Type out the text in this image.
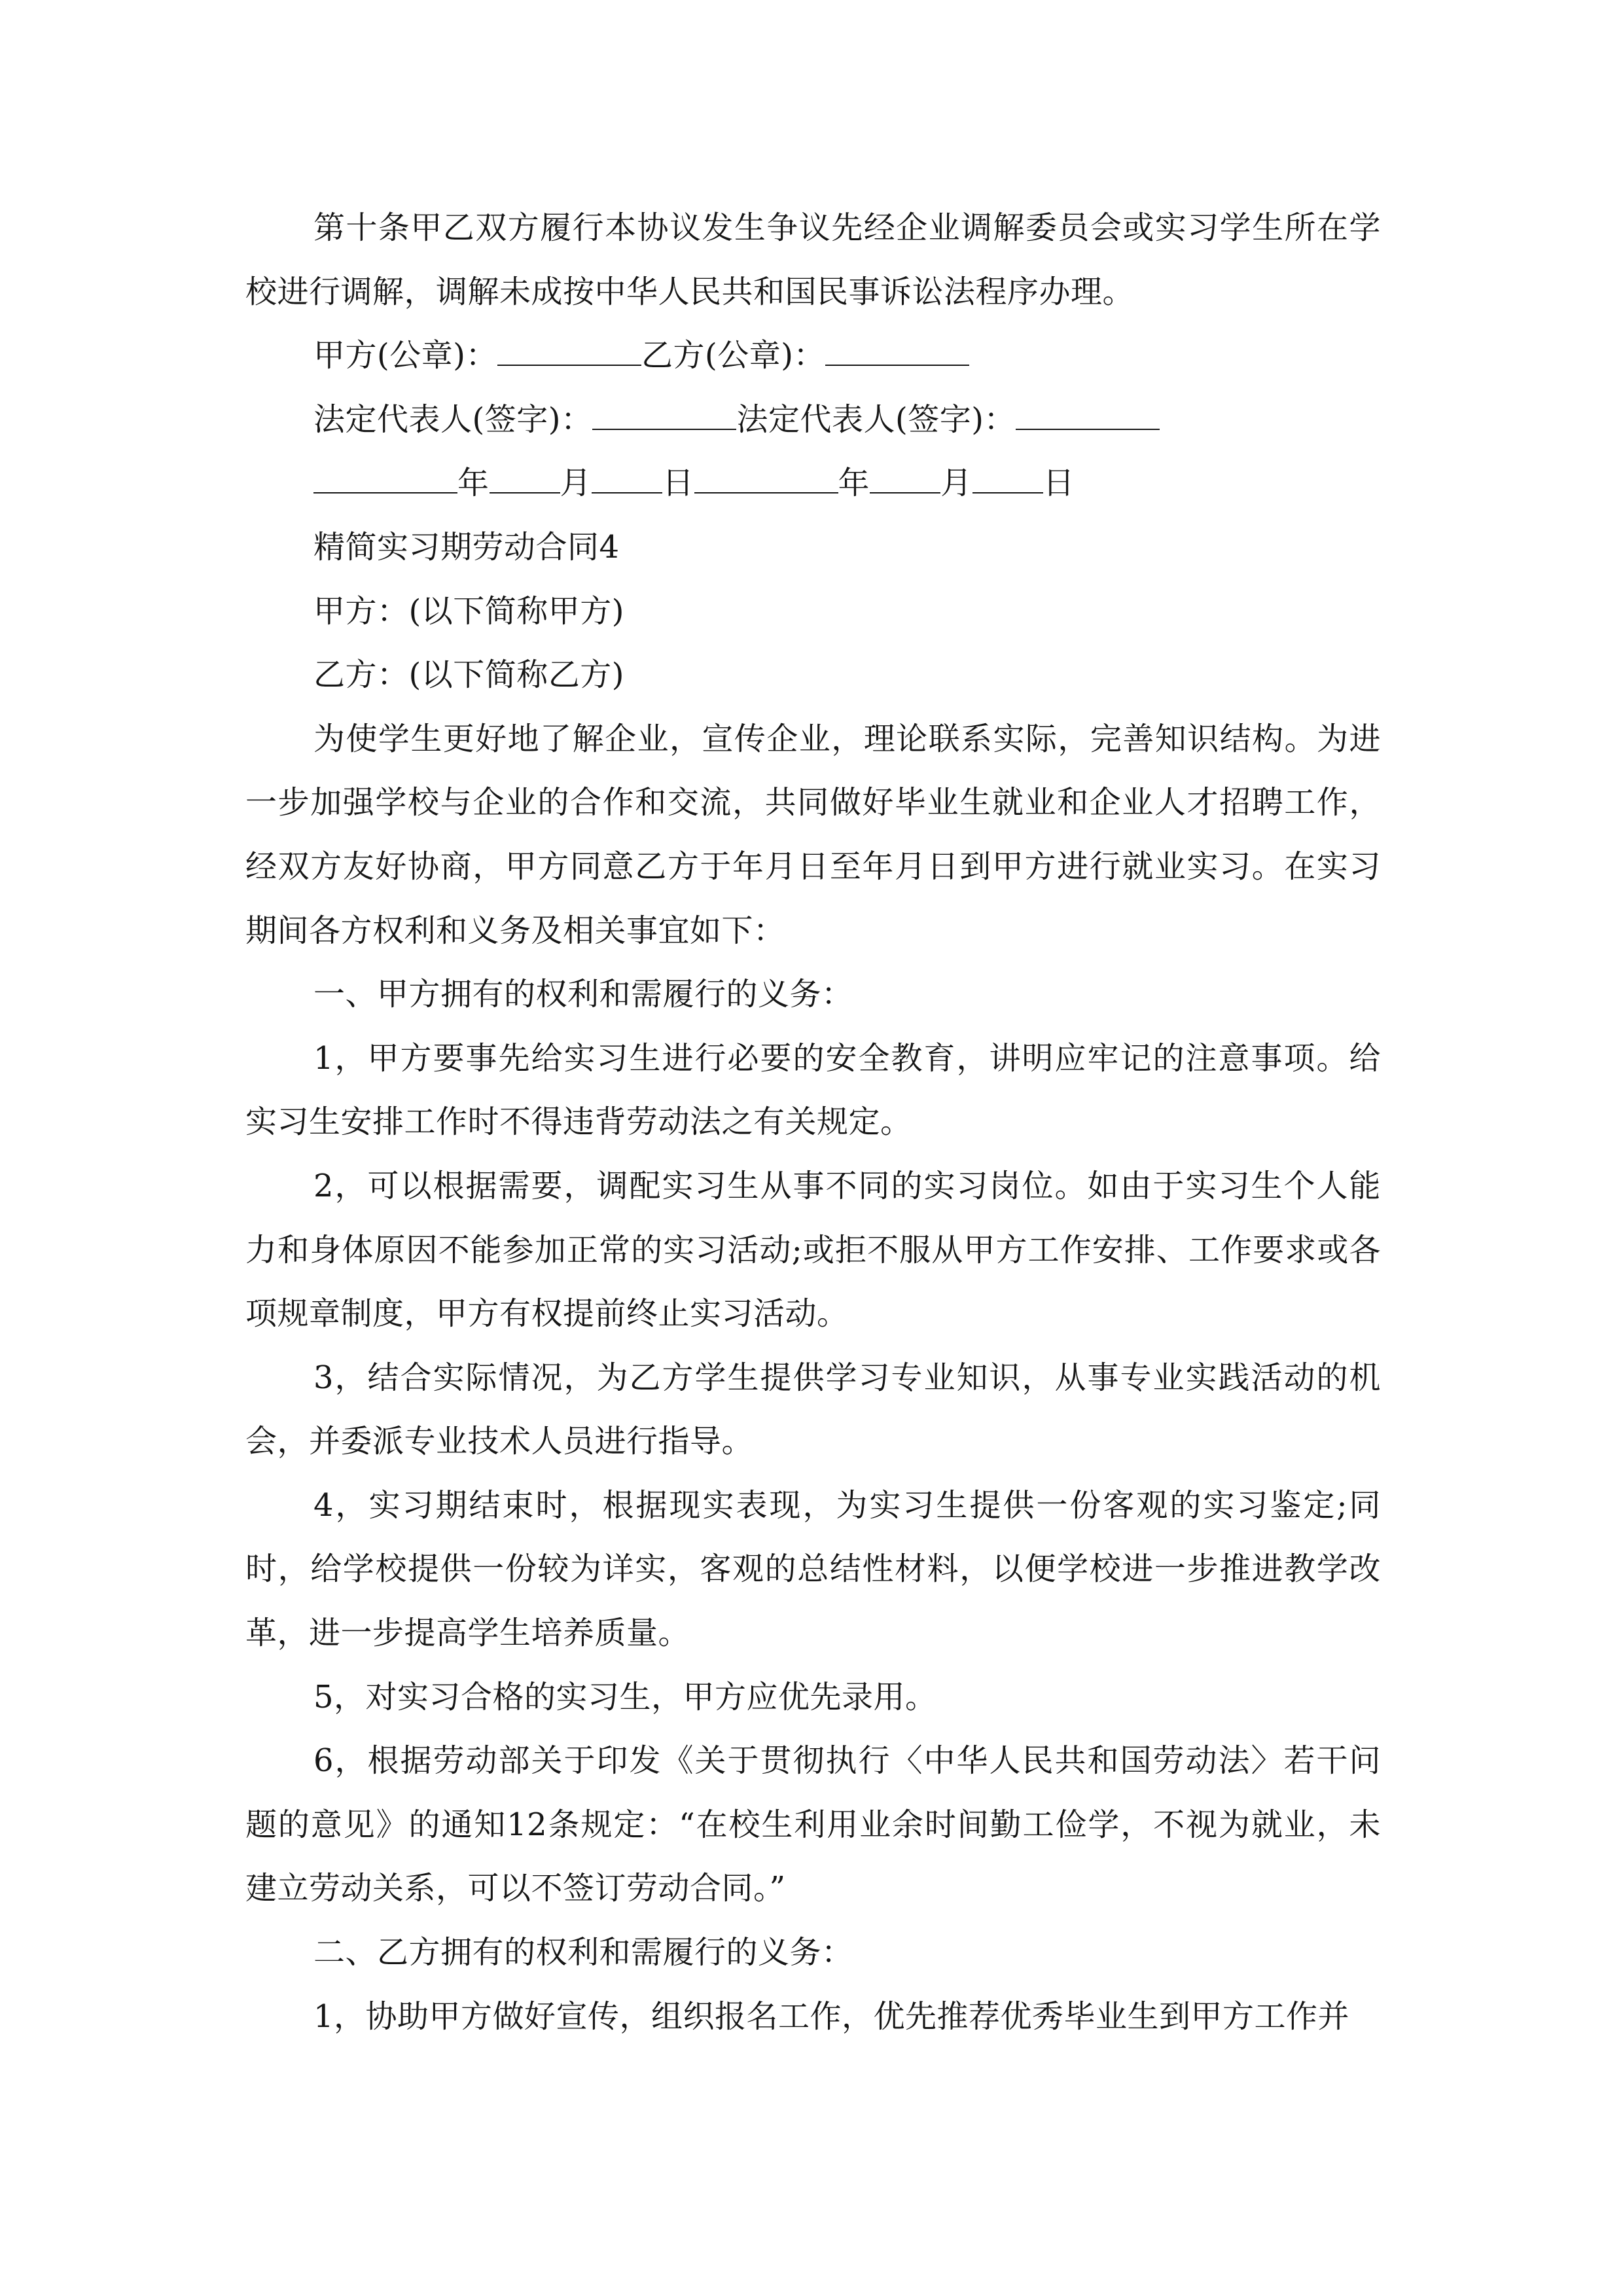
第十条甲乙双方履行本协议发生争议先经企业调解委员会或实习学生所在学校进行调解，调解未成按中华人民共和国民事诉讼法程序办理。

甲方(公章)：	乙方(公章)：

法定代表人(签字)：	法定代表人(签字)：

年 月 日	年 月 日

精简实习期劳动合同4

甲方：(以下简称甲方)

乙方：(以下简称乙方)

为使学生更好地了解企业，宣传企业，理论联系实际，完善知识结构。为进一步加强学校与企业的合作和交流，共同做好毕业生就业和企业人才招聘工作，经双方友好协商，甲方同意乙方于年月日至年月日到甲方进行就业实习。在实习期间各方权利和义务及相关事宜如下：

一、甲方拥有的权利和需履行的义务：

1，甲方要事先给实习生进行必要的安全教育，讲明应牢记的注意事项。给实习生安排工作时不得违背劳动法之有关规定。

2，可以根据需要，调配实习生从事不同的实习岗位。如由于实习生个人能力和身体原因不能参加正常的实习活动;或拒不服从甲方工作安排、工作要求或各项规章制度，甲方有权提前终止实习活动。

3，结合实际情况，为乙方学生提供学习专业知识，从事专业实践活动的机会，并委派专业技术人员进行指导。

4，实习期结束时，根据现实表现，为实习生提供一份客观的实习鉴定;同时，给学校提供一份较为详实，客观的总结性材料，以便学校进一步推进教学改革，进一步提高学生培养质量。

5，对实习合格的实习生，甲方应优先录用。

6，根据劳动部关于印发《关于贯彻执行〈中华人民共和国劳动法〉若干问题的意见》的通知12条规定：“在校生利用业余时间勤工俭学，不视为就业，未建立劳动关系，可以不签订劳动合同。”

二、乙方拥有的权利和需履行的义务：

1，协助甲方做好宣传，组织报名工作，优先推荐优秀毕业生到甲方工作并
